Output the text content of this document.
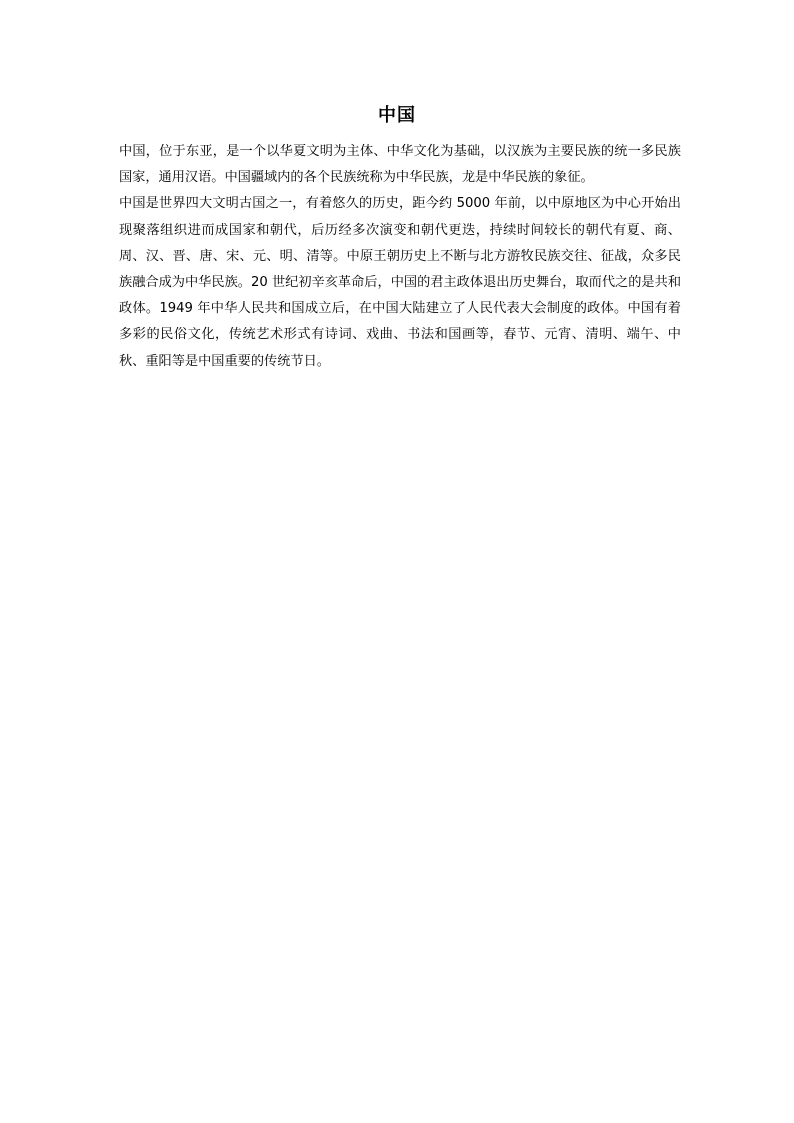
中国

中国，位于东亚，是一个以华夏文明为主体、中华文化为基础，以汉族为主要民族的统一多民族国家，通用汉语。中国疆域内的各个民族统称为中华民族，龙是中华民族的象征。

中国是世界四大文明古国之一，有着悠久的历史，距今约 5000 年前，以中原地区为中心开始出现聚落组织进而成国家和朝代，后历经多次演变和朝代更迭，持续时间较长的朝代有夏、商、周、汉、晋、唐、宋、元、明、清等。中原王朝历史上不断与北方游牧民族交往、征战，众多民族融合成为中华民族。20 世纪初辛亥革命后，中国的君主政体退出历史舞台，取而代之的是共和政体。1949 年中华人民共和国成立后，在中国大陆建立了人民代表大会制度的政体。中国有着多彩的民俗文化，传统艺术形式有诗词、戏曲、书法和国画等，春节、元宵、清明、端午、中秋、重阳等是中国重要的传统节日。
